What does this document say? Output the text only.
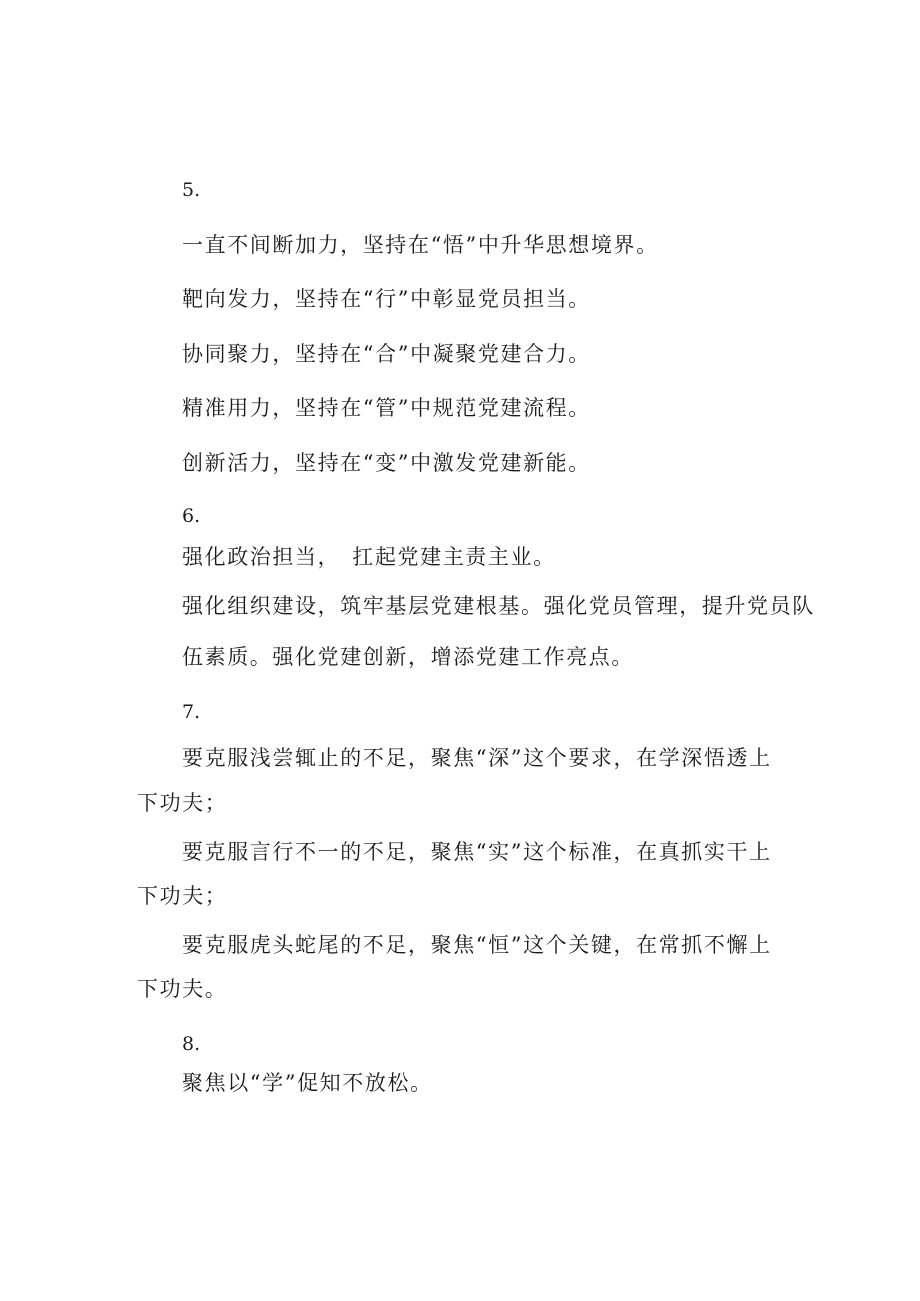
5.
一直不间断加力，坚持在“悟”中升华思想境界。
靶向发力，坚持在“行”中彰显党员担当。
协同聚力，坚持在“合”中凝聚党建合力。
精准用力，坚持在“管”中规范党建流程。
创新活力，坚持在“变”中激发党建新能。
6.
强化政治担当，　扛起党建主责主业。
强化组织建设，筑牢基层党建根基。强化党员管理，提升党员队
伍素质。强化党建创新，增添党建工作亮点。
7.
要克服浅尝辄止的不足，聚焦“深”这个要求，在学深悟透上
下功夫；
要克服言行不一的不足，聚焦“实”这个标准，在真抓实干上
下功夫；
要克服虎头蛇尾的不足，聚焦“恒”这个关键，在常抓不懈上
下功夫。
8.
聚焦以“学”促知不放松。
